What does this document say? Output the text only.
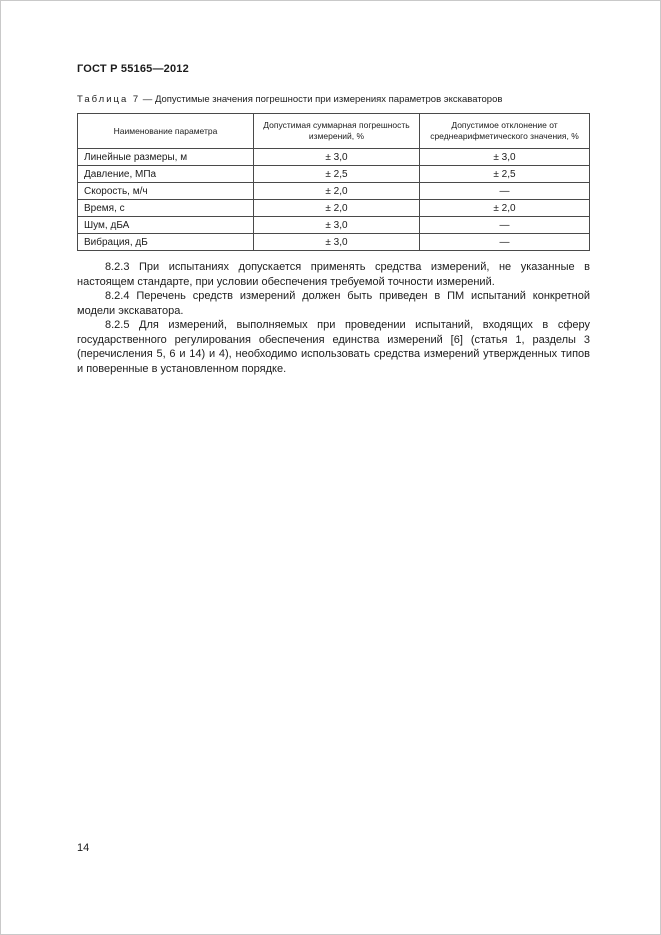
ГОСТ Р 55165—2012
Таблица 7 — Допустимые значения погрешности при измерениях параметров экскаваторов
Наименование параметра	Допустимая суммарная погрешность измерений, %	Допустимое отклонение от среднеарифметического значения, %
Линейные размеры, м	± 3,0	± 3,0
Давление, МПа	± 2,5	± 2,5
Скорость, м/ч	± 2,0	—
Время, с	± 2,0	± 2,0
Шум, дБА	± 3,0	—
Вибрация, дБ	± 3,0	—

8.2.3 При испытаниях допускается применять средства измерений, не указанные в настоящем стандарте, при условии обеспечения требуемой точности измерений.

8.2.4 Перечень средств измерений должен быть приведен в ПМ испытаний конкретной модели экскаватора.

8.2.5 Для измерений, выполняемых при проведении испытаний, входящих в сферу государственного регулирования обеспечения единства измерений [6] (статья 1, разделы 3 (перечисления 5, 6 и 14) и 4), необходимо использовать средства измерений утвержденных типов и поверенные в установленном порядке.

14
